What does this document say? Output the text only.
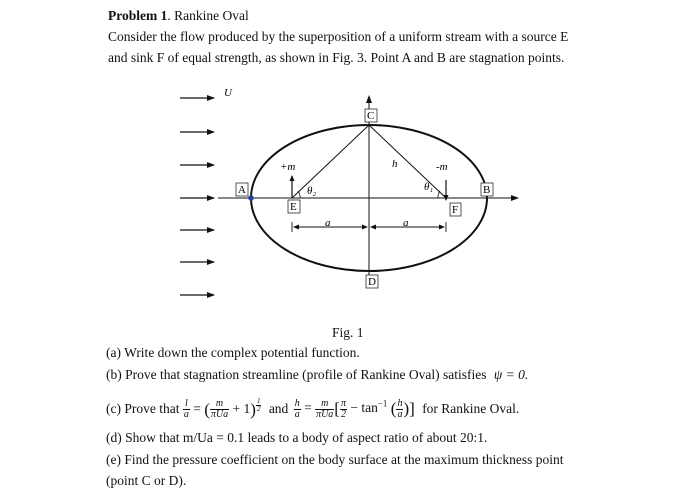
Problem 1. Rankine Oval
Consider the flow produced by the superposition of a uniform stream with a source E
and sink F of equal strength, as shown in Fig. 3. Point A and B are stagnation points.
U
C
D
A	B
E	F
+m	-m
h
a	a
θ₂	θ₁
Fig. 1
(a) Write down the complex potential function.
(b) Prove that stagnation streamline (profile of Rankine Oval) satisfies ψ = 0.
(c) Prove that $\frac{l}{a}$ = ( $\frac{m}{\text{πUa}} + 1$) $^{\frac{1}{2}}$ and $\frac{h}{a} = \frac{m}{\text{πUa}}$ [ $\frac{\pi}{2} - \tan^{-1}$ ( $\frac{h}{a}$ )] for Rankine Oval.
(d) Show that m/Ua = 0.1 leads to a body of aspect ratio of about 20:1.
(e) Find the pressure coefficient on the body surface at the maximum thickness point
(point C or D).
